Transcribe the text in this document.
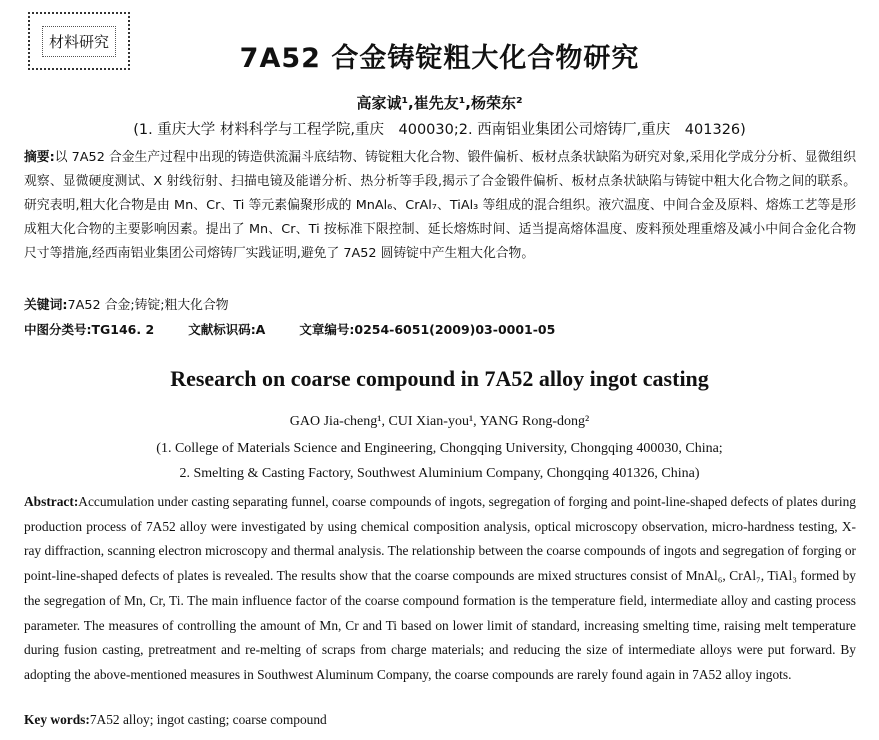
材料研究
7A52 合金铸锭粗大化合物研究
高家诚¹,崔先友¹,杨荣东²
(1. 重庆大学 材料科学与工程学院,重庆　400030;2. 西南铝业集团公司熔铸厂,重庆　401326)
摘要:以 7A52 合金生产过程中出现的铸造供流漏斗底结物、铸锭粗大化合物、锻件偏析、板材点条状缺陷为研究对象,采用化学成分分析、显微组织观察、显微硬度测试、X 射线衍射、扫描电镜及能谱分析、热分析等手段,揭示了合金锻件偏析、板材点条状缺陷与铸锭中粗大化合物之间的联系。研究表明,粗大化合物是由 Mn、Cr、Ti 等元素偏聚形成的 MnAl₆、CrAl₇、TiAl₃ 等组成的混合组织。液穴温度、中间合金及原料、熔炼工艺等是形成粗大化合物的主要影响因素。提出了 Mn、Cr、Ti 按标准下限控制、延长熔炼时间、适当提高熔体温度、废料预处理重熔及减小中间合金化合物尺寸等措施,经西南铝业集团公司熔铸厂实践证明,避免了 7A52 圆铸锭中产生粗大化合物。
关键词:7A52 合金;铸锭;粗大化合物
中图分类号:TG146. 2	文献标识码:A	文章编号:0254-6051(2009)03-0001-05
Research on coarse compound in 7A52 alloy ingot casting
GAO Jia-cheng¹, CUI Xian-you¹, YANG Rong-dong²
(1. College of Materials Science and Engineering, Chongqing University, Chongqing 400030, China;
2. Smelting & Casting Factory, Southwest Aluminium Company, Chongqing 401326, China)
Abstract:Accumulation under casting separating funnel, coarse compounds of ingots, segregation of forging and point-line-shaped defects of plates during production process of 7A52 alloy were investigated by using chemical composition analysis, optical microscopy observation, micro-hardness testing, X-ray diffraction, scanning electron microscopy and thermal analysis. The relationship between the coarse compounds of ingots and segregation of forging or point-line-shaped defects of plates is revealed. The results show that the coarse compounds are mixed structures consist of MnAl₆, CrAl₇, TiAl₃ formed by the segregation of Mn, Cr, Ti. The main influence factor of the coarse compound formation is the temperature field, intermediate alloy and casting process parameter. The measures of controlling the amount of Mn, Cr and Ti based on lower limit of standard, increasing smelting time, raising melt temperature during fusion casting, pretreatment and re-melting of scraps from charge materials; and reducing the size of intermediate alloys were put forward. By adopting the above-mentioned measures in Southwest Aluminum Company, the coarse compounds are rarely found again in 7A52 alloy ingots.
Key words:7A52 alloy; ingot casting; coarse compound
